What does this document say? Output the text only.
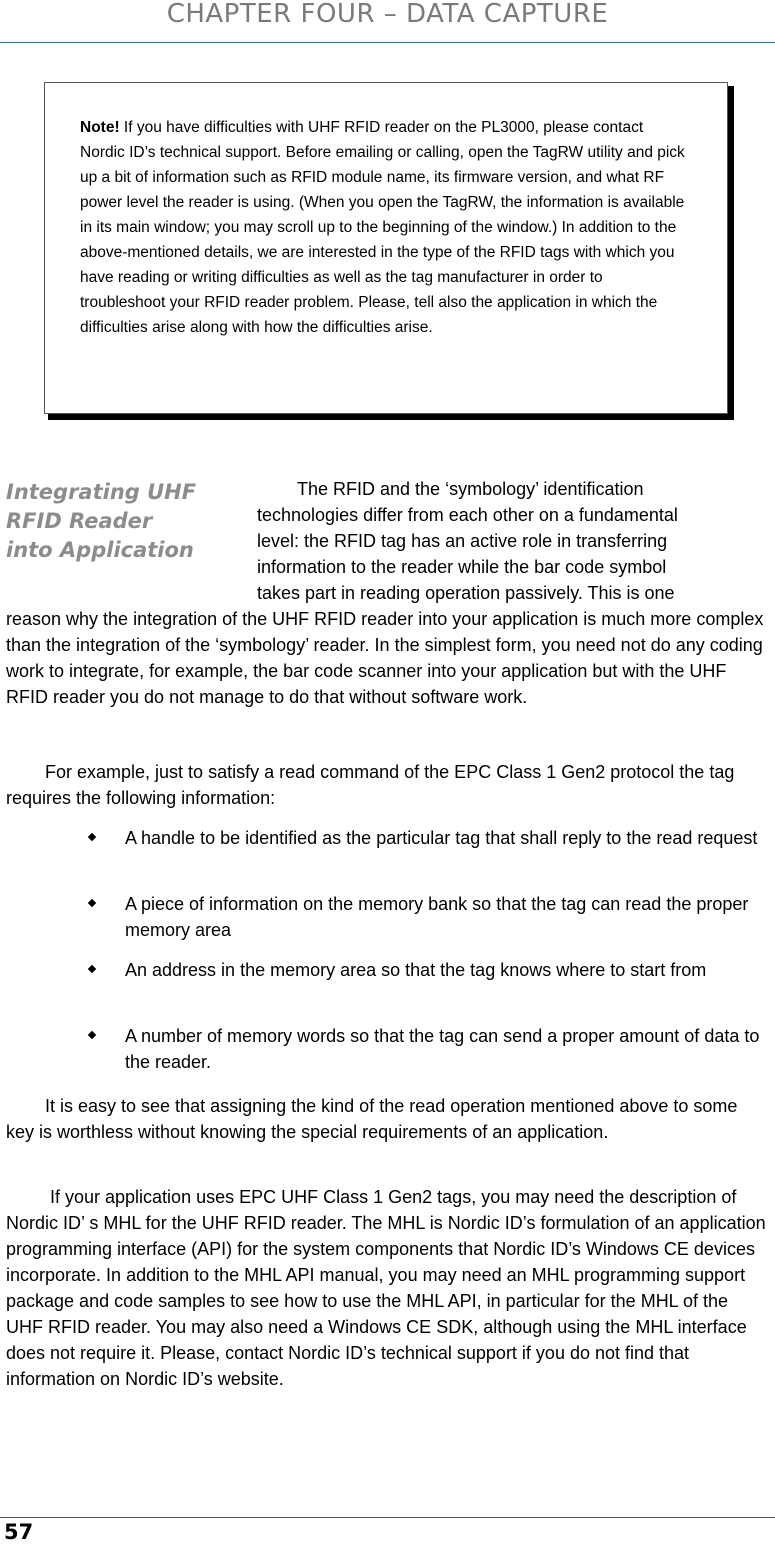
CHAPTER FOUR – DATA CAPTURE
Note! If you have difficulties with UHF RFID reader on the PL3000, please contact Nordic ID’s technical support. Before emailing or calling, open the TagRW utility and pick up a bit of information such as RFID module name, its firmware version, and what RF power level the reader is using. (When you open the TagRW, the information is available in its main window; you may scroll up to the beginning of the window.) In addition to the above-mentioned details, we are interested in the type of the RFID tags with which you have reading or writing difficulties as well as the tag manufacturer in order to troubleshoot your RFID reader problem. Please, tell also the application in which the difficulties arise along with how the difficulties arise.
Integrating UHF
RFID Reader
into Application
The RFID and the ‘symbology’ identification
technologies differ from each other on a fundamental
level: the RFID tag has an active role in transferring
information to the reader while the bar code symbol
takes part in reading operation passively. This is one

reason why the integration of the UHF RFID reader into your application is much more complex than the integration of the ‘symbology’ reader. In the simplest form, you need not do any coding work to integrate, for example, the bar code scanner into your application but with the UHF RFID reader you do not manage to do that without software work.

For example, just to satisfy a read command of the EPC Class 1 Gen2 protocol the tag requires the following information:

A handle to be identified as the particular tag that shall reply to the read request
A piece of information on the memory bank so that the tag can read the proper memory area
An address in the memory area so that the tag knows where to start from
A number of memory words so that the tag can send a proper amount of data to the reader.

It is easy to see that assigning the kind of the read operation mentioned above to some key is worthless without knowing the special requirements of an application.

If your application uses EPC UHF Class 1 Gen2 tags, you may need the description of Nordic ID’ s MHL for the UHF RFID reader. The MHL is Nordic ID’s formulation of an application programming interface (API) for the system components that Nordic ID’s Windows CE devices incorporate. In addition to the MHL API manual, you may need an MHL programming support package and code samples to see how to use the MHL API, in particular for the MHL of the UHF RFID reader. You may also need a Windows CE SDK, although using the MHL interface does not require it. Please, contact Nordic ID’s technical support if you do not find that information on Nordic ID’s website.

57
